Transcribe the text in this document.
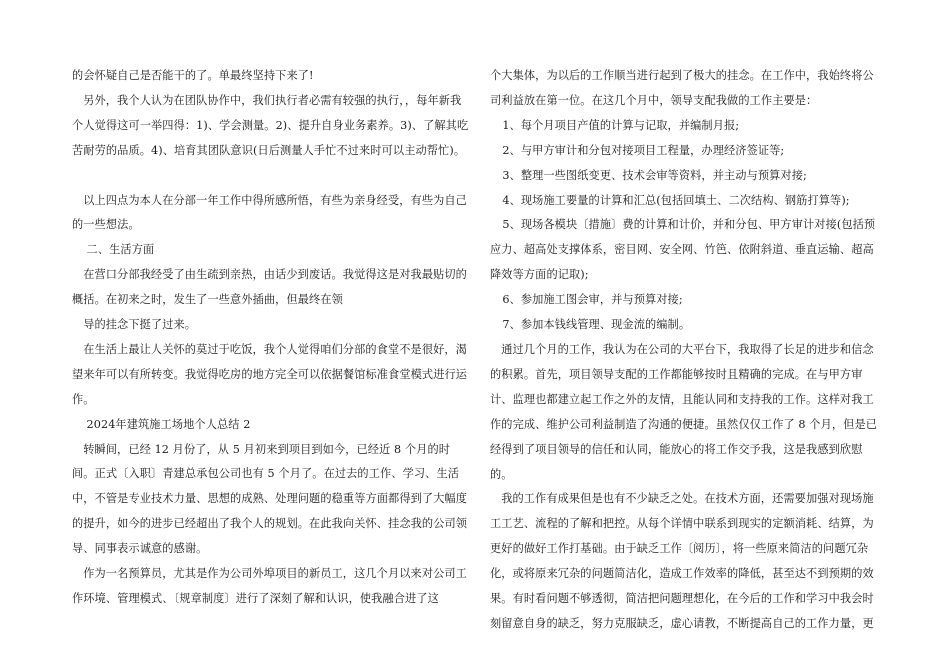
的会怀疑自己是否能干的了。单最终坚持下来了!

另外，我个人认为在团队协作中，我们执行者必需有较强的执行，，每年新我个人觉得这可一举四得：1)、学会测量。2)、提升自身业务素养。3)、了解其吃苦耐劳的品质。4)、培育其团队意识(日后测量人手忙不过来时可以主动帮忙)。

以上四点为本人在分部一年工作中得所感所悟，有些为亲身经受，有些为自己的一些想法。

二、生活方面

在营口分部我经受了由生疏到亲热，由话少到废话。我觉得这是对我最贴切的概括。在初来之时，发生了一些意外插曲，但最终在领

导的挂念下挺了过来。

在生活上最让人关怀的莫过于吃饭，我个人觉得咱们分部的食堂不是很好，渴望来年可以有所转变。我觉得吃房的地方完全可以依据餐馆标准食堂模式进行运作。

2024年建筑施工场地个人总结 2

转瞬间，已经 12 月份了，从 5 月初来到项目到如今，已经近 8 个月的时间。正式〔入职〕青建总承包公司也有 5 个月了。在过去的工作、学习、生活中，不管是专业技术力量、思想的成熟、处理问题的稳重等方面都得到了大幅度的提升，如今的进步已经超出了我个人的规划。在此我向关怀、挂念我的公司领导、同事表示诚意的感谢。

作为一名预算员，尤其是作为公司外埠项目的新员工，这几个月以来对公司工作环境、管理模式、〔规章制度〕进行了深刻了解和认识，使我融合进了这

个大集体，为以后的工作顺当进行起到了极大的挂念。在工作中，我始终将公司利益放在第一位。在这几个月中，领导支配我做的工作主要是：

1、每个月项目产值的计算与记取，并编制月报;

2、与甲方审计和分包对接项目工程量，办理经济签证等;

3、整理一些图纸变更、技术会审等资料，并主动与预算对接;

4、现场施工要量的计算和汇总(包括回填土、二次结构、钢筋打算等);

5、现场各模块〔措施〕费的计算和计价，并和分包、甲方审计对接(包括预应力、超高处支撑体系，密目网、安全网、竹笆、依附斜道、垂直运输、超高降效等方面的记取);

6、参加施工图会审，并与预算对接;

7、参加本钱线管理、现金流的编制。

通过几个月的工作，我认为在公司的大平台下，我取得了长足的进步和信念的积累。首先，项目领导支配的工作都能够按时且精确的完成。在与甲方审计、监理也都建立起工作之外的友情，且能认同和支持我的工作。这样对我工作的完成、维护公司利益制造了沟通的便捷。虽然仅仅工作了 8 个月，但是已经得到了项目领导的信任和认同，能放心的将工作交予我，这是我感到欣慰的。

我的工作有成果但是也有不少缺乏之处。在技术方面，还需要加强对现场施工工艺、流程的了解和把控。从每个详情中联系到现实的定额消耗、结算，为更好的做好工作打基础。由于缺乏工作〔阅历〕，将一些原来简洁的问题冗杂化，或将原来冗杂的问题简洁化，造成工作效率的降低，甚至达不到预期的效果。有时看问题不够透彻，简洁把问题理想化，在今后的工作和学习中我会时刻留意自身的缺乏，努力克服缺乏，虚心请教，不断提高自己的工作力量，更
